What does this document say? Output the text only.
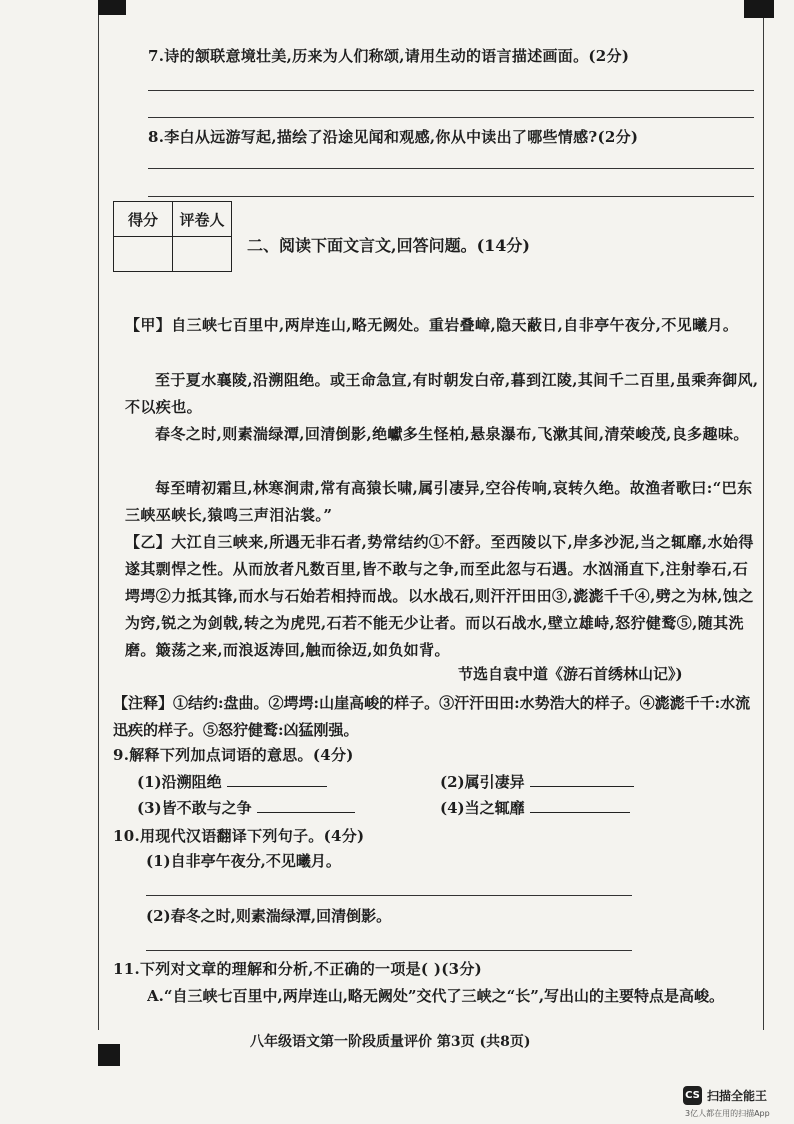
7.诗的颔联意境壮美,历来为人们称颂,请用生动的语言描述画面。(2分)
8.李白从远游写起,描绘了沿途见闻和观感,你从中读出了哪些情感?(2分)
得分	评卷人

二、阅读下面文言文,回答问题。(14分)
【甲】自三峡七百里中,两岸连山,略无阙处。重岩叠嶂,隐天蔽日,自非亭午夜分,不见曦月。
至于夏水襄陵,沿溯阻绝。或王命急宣,有时朝发白帝,暮到江陵,其间千二百里,虽乘奔御风,不以疾也。
春冬之时,则素湍绿潭,回清倒影,绝巘多生怪柏,悬泉瀑布,飞漱其间,清荣峻茂,良多趣味。
每至晴初霜旦,林寒涧肃,常有高猿长啸,属引凄异,空谷传响,哀转久绝。故渔者歌曰:“巴东三峡巫峡长,猿鸣三声泪沾裳。”
【乙】大江自三峡来,所遇无非石者,势常结约①不舒。至西陵以下,岸多沙泥,当之辄靡,水始得遂其剽悍之性。从而放者凡数百里,皆不敢与之争,而至此忽与石遇。水汹涌直下,注射拳石,石堮堮②力抵其锋,而水与石始若相持而战。以水战石,则汗汗田田③,滮滮千千④,劈之为林,蚀之为窍,锐之为剑戟,转之为虎兕,石若不能无少让者。而以石战水,壁立雄峙,怒狞健鹜⑤,随其洗磨。簸荡之来,而浪返涛回,触而徐迈,如负如背。
节选自袁中道《游石首绣林山记》)
【注释】①结约:盘曲。②堮堮:山崖高峻的样子。③汗汗田田:水势浩大的样子。④滮滮千千:水流迅疾的样子。⑤怒狞健鹜:凶猛刚强。
9.解释下列加点词语的意思。(4分)
(1)沿溯阻绝	(2)属引凄异
(3)皆不敢与之争	(4)当之辄靡
10.用现代汉语翻译下列句子。(4分)
(1)自非亭午夜分,不见曦月。
(2)春冬之时,则素湍绿潭,回清倒影。
11.下列对文章的理解和分析,不正确的一项是( )(3分)
A.“自三峡七百里中,两岸连山,略无阙处”交代了三峡之“长”,写出山的主要特点是高峻。
八年级语文第一阶段质量评价 第3页 (共8页)
CS 扫描全能王
3亿人都在用的扫描App
